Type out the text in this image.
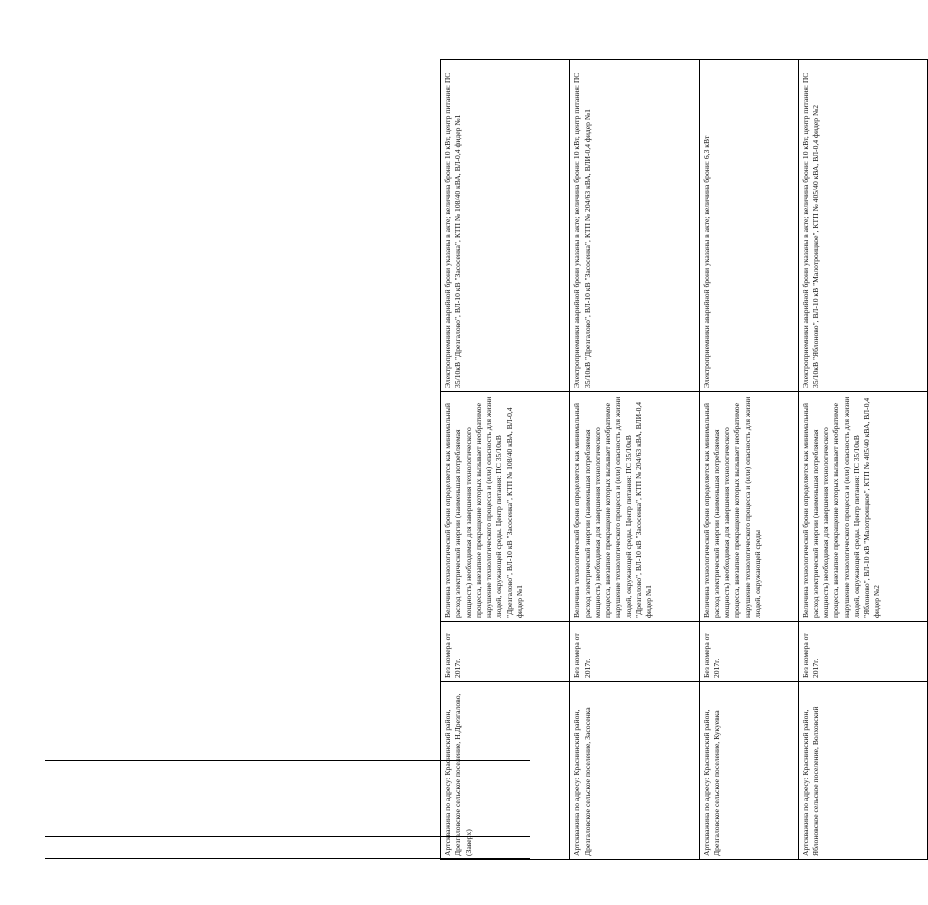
Артскважина по адресу: Краснинский район, Дрезгаловское сельское поселение, Н.Дрезгалово, (Заверх)	Без номера от 2017г.	Величина технологической брони определяется как минимальный расход электрической энергии (наименьшая потребляемая мощность) необходимая для завершения технологического процесса, внезапное прекращение которых вызывает необратимое нарушение технологического процесса и (или) опасность для жизни людей, окружающей среды. Центр питания: ПС 35/10кВ "Дрезгалово", ВЛ-10 кВ "Засосенка", КТП № 108/40 кВА, ВЛ-0,4 фидер №1	Электроприемники аварийной брони указаны в акте; величина брони: 10 кВт, центр питания: ПС 35/10кВ "Дрезгалово", ВЛ-10 кВ "Засосенка", КТП № 108/40 кВА, ВЛ-0,4 фидер №1
Артскважина по адресу: Краснинский район, Дрезгаловское сельское поселение, Засосенка	Без номера от 2017г.	Величина технологической брони определяется как минимальный расход электрической энергии (наименьшая потребляемая мощность) необходимая для завершения технологического процесса, внезапное прекращение которых вызывает необратимое нарушение технологического процесса и (или) опасность для жизни людей, окружающей среды. Центр питания: ПС 35/10кВ "Дрезгалово", ВЛ-10 кВ "Засосенка", КТП № 204/63 кВА, ВЛИ-0,4 фидер №1	Электроприемники аварийной брони указаны в акте; величина брони: 10 кВт, центр питания: ПС 35/10кВ "Дрезгалово", ВЛ-10 кВ "Засосенка", КТП № 204/63 кВА, ВЛИ-0,4 фидер №1
Артскважина по адресу: Краснинский район, Дрезгаловское сельское поселение, Кукуевка	Без номера от 2017г.	Величина технологической брони определяется как минимальный расход электрической энергии (наименьшая потребляемая мощность) необходимая для завершения технологического процесса, внезапное прекращение которых вызывает необратимое нарушение технологического процесса и (или) опасность для жизни людей, окружающей среды	Электроприемники аварийной брони указаны в акте; величина брони: 6,3 кВт
Артскважина по адресу: Краснинский район, Яблоновское сельское поселение, Волховский	Без номера от 2017г.	Величина технологической брони определяется как минимальный расход электрической энергии (наименьшая потребляемая мощность) необходимая для завершения технологического процесса, внезапное прекращение которых вызывает необратимое нарушение технологического процесса и (или) опасность для жизни людей, окружающей среды. Центр питания: ПС 35/10кВ "Яблоново", ВЛ-10 кВ "Малотроицкое", КТП № 405/40 кВА, ВЛ-0,4 фидер №2	Электроприемники аварийной брони указаны в акте; величина брони: 10 кВт, центр питания: ПС 35/10кВ "Яблоново", ВЛ-10 кВ "Малотроицкое", КТП № 405/40 кВА, ВЛ-0,4 фидер №2
